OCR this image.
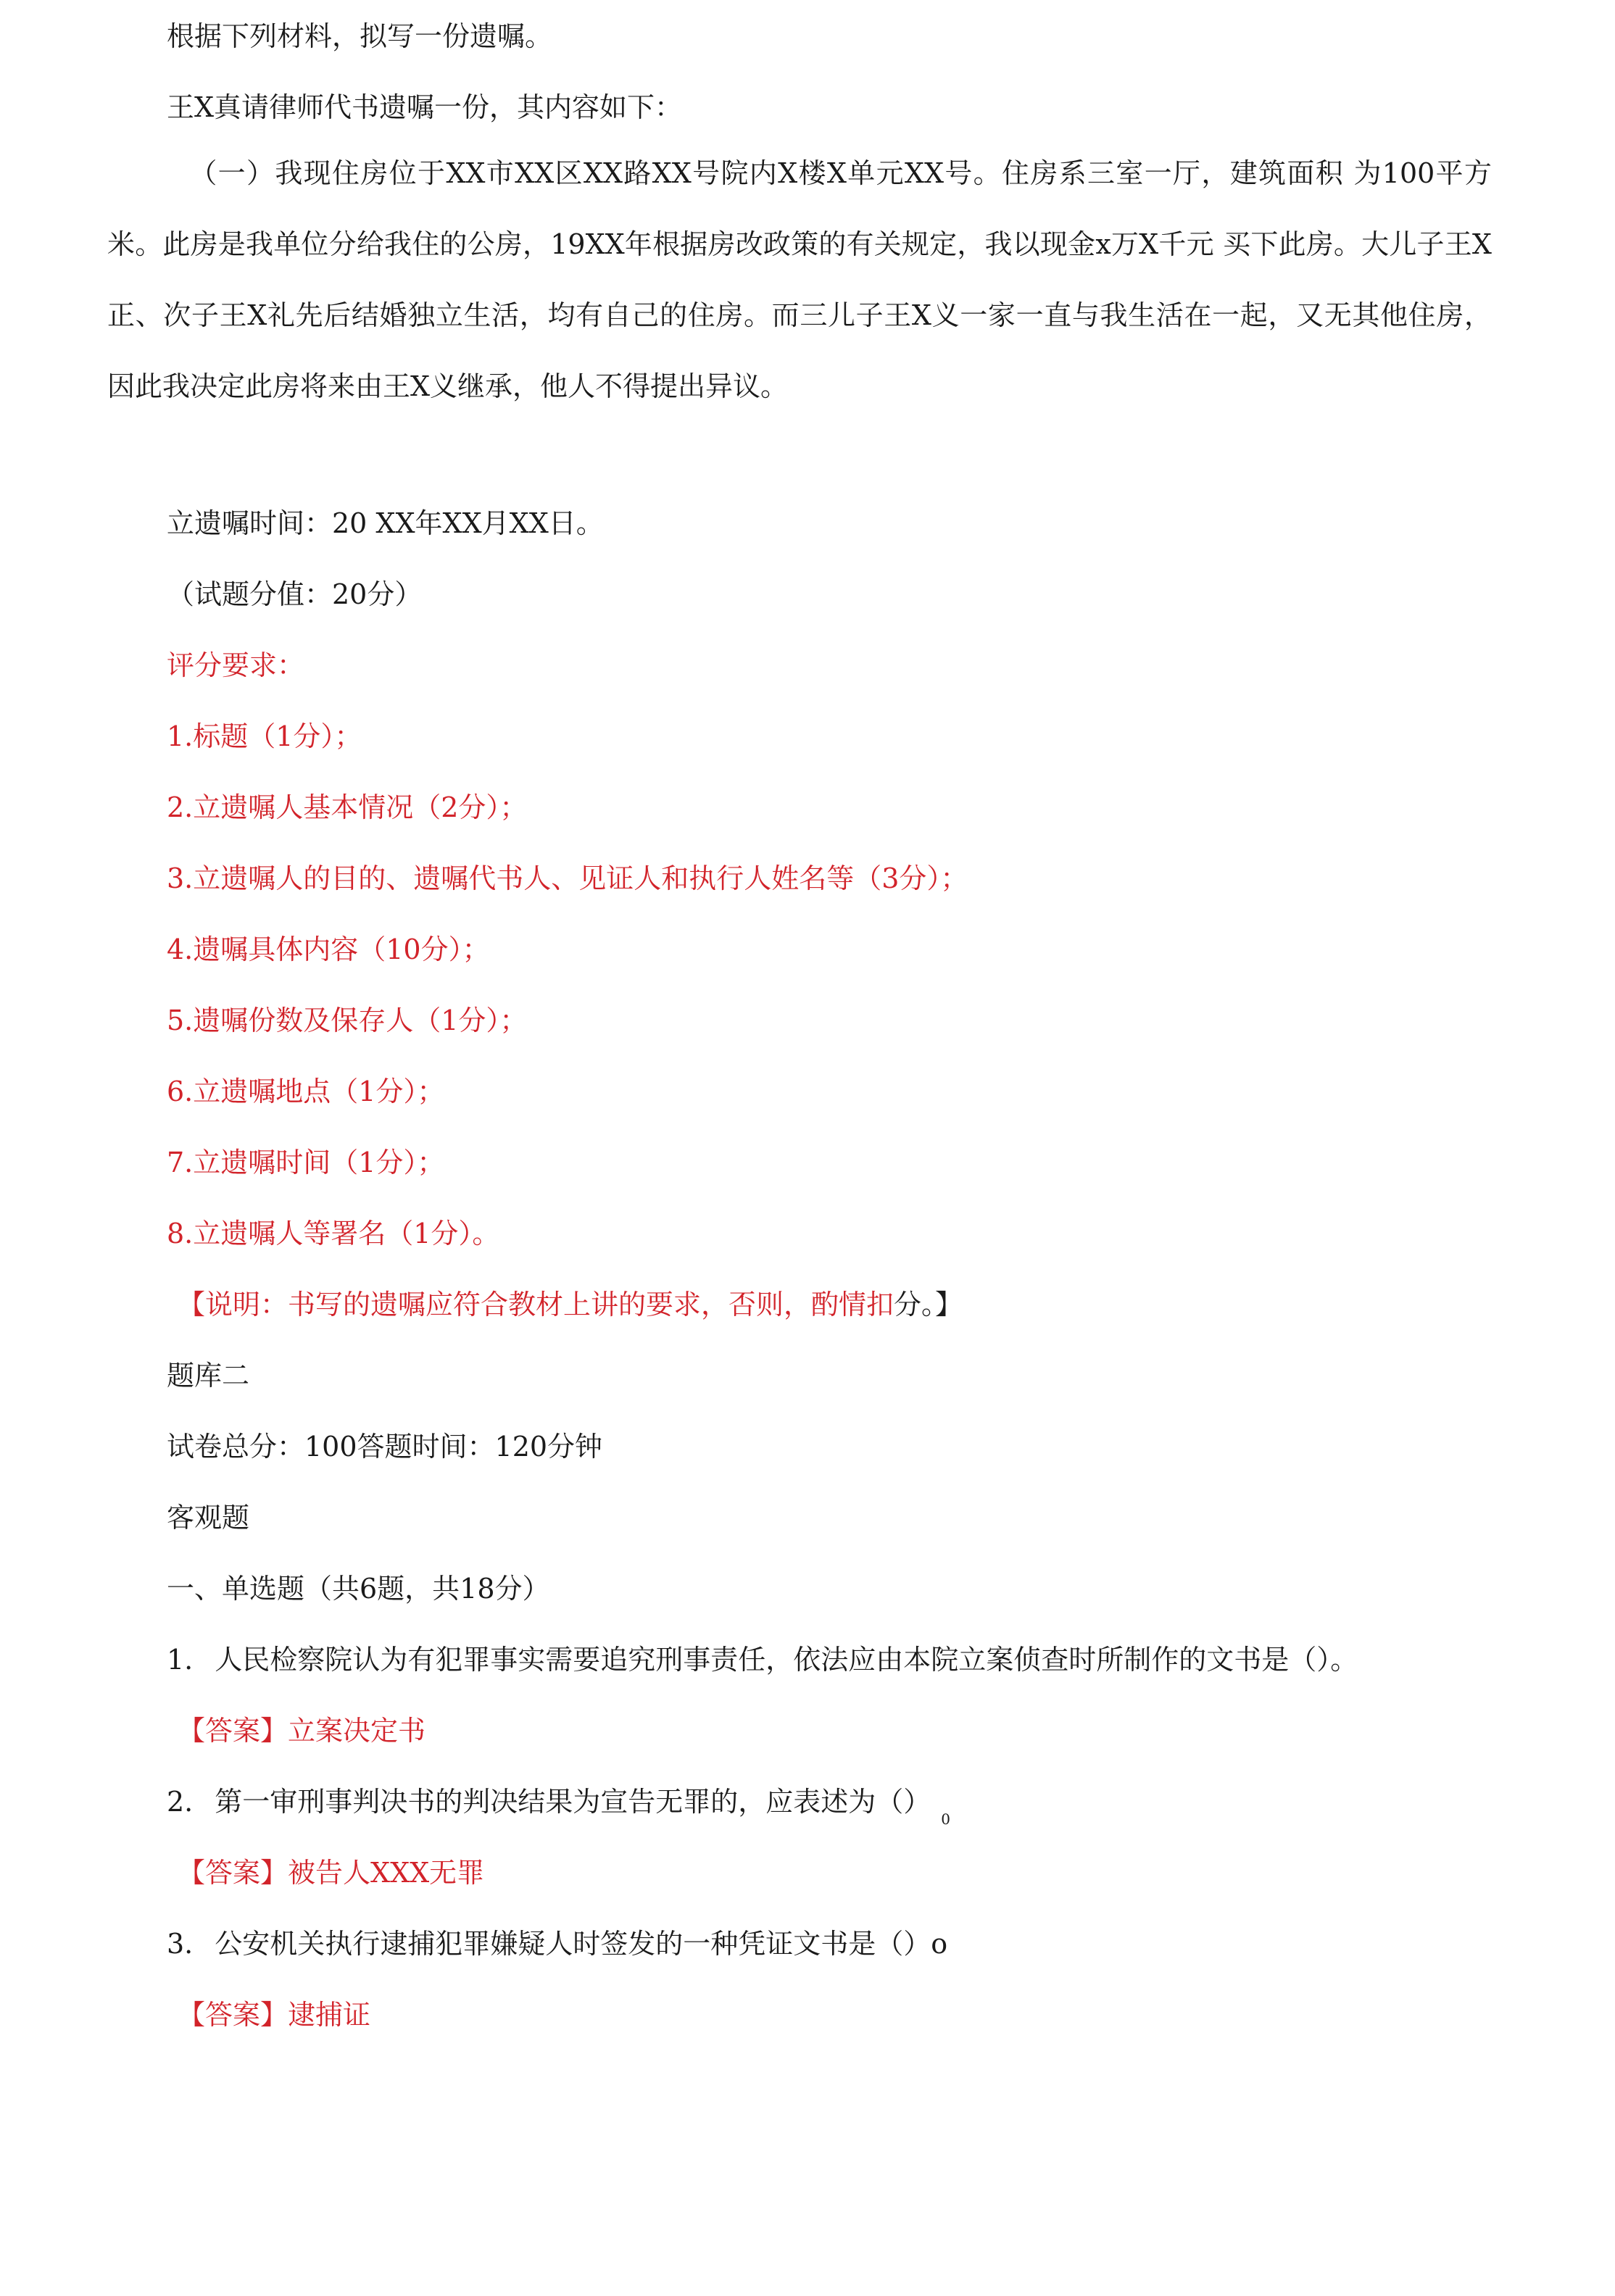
根据下列材料，拟写一份遗嘱。

王X真请律师代书遗嘱一份，其内容如下：

（一）我现住房位于XX市XX区XX路XX号院内X楼X单元XX号。住房系三室一厅，建筑面积 为100平方米。此房是我单位分给我住的公房，19XX年根据房改政策的有关规定，我以现金x万X千元 买下此房。大儿子王X正、次子王X礼先后结婚独立生活，均有自己的住房。而三儿子王X义一家一直与我生活在一起，又无其他住房，因此我决定此房将来由王X义继承，他人不得提出异议。

立遗嘱时间：20 XX年XX月XX日。

（试题分值：20分）

评分要求：

1.标题（1分）；

2.立遗嘱人基本情况（2分）；

3.立遗嘱人的目的、遗嘱代书人、见证人和执行人姓名等（3分）；

4.遗嘱具体内容（10分）；

5.遗嘱份数及保存人（1分）；

6.立遗嘱地点（1分）；

7.立遗嘱时间（1分）；

8.立遗嘱人等署名（1分）。

【说明：书写的遗嘱应符合教材上讲的要求，否则，酌情扣分。】

题库二

试卷总分：100答题时间：120分钟

客观题

一、单选题（共6题，共18分）

1. 人民检察院认为有犯罪事实需要追究刑事责任，依法应由本院立案侦查时所制作的文书是（）。

【答案】立案决定书

2. 第一审刑事判决书的判决结果为宣告无罪的，应表述为$()_0$

【答案】被告人XXX无罪

3. 公安机关执行逮捕犯罪嫌疑人时签发的一种凭证文书是（）o

【答案】逮捕证
